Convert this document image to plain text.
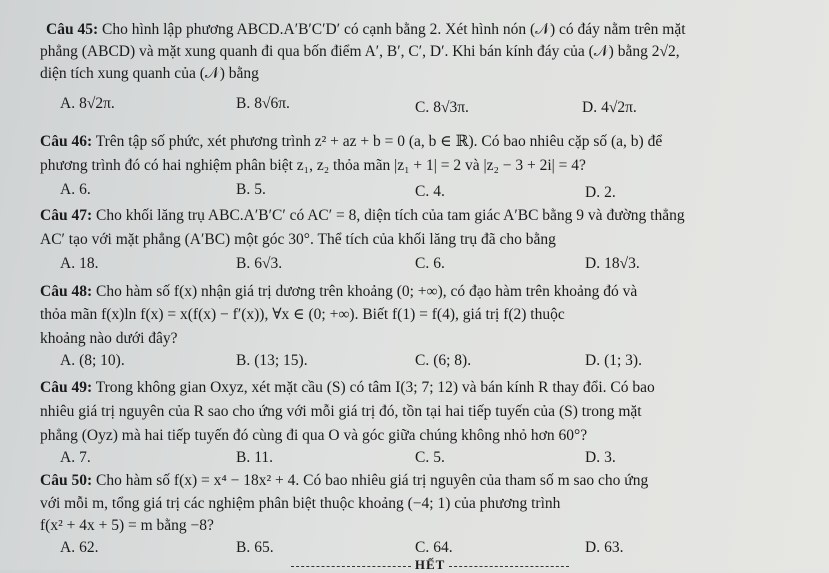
Câu 45: Cho hình lập phương ABCD.A′B′C′D′ có cạnh bằng 2. Xét hình nón (𝒩) có đáy nằm trên mặt
phẳng (ABCD) và mặt xung quanh đi qua bốn điểm A′, B′, C′, D′. Khi bán kính đáy của (𝒩) bằng 2√2,
diện tích xung quanh của (𝒩) bằng
A. 8√2π.	B. 8√6π.	C. 8√3π.	D. 4√2π.
Câu 46: Trên tập số phức, xét phương trình z² + az + b = 0 (a, b ∈ ℝ). Có bao nhiêu cặp số (a, b) để
phương trình đó có hai nghiệm phân biệt z₁, z₂ thỏa mãn |z₁ + 1| = 2 và |z₂ − 3 + 2i| = 4?
A. 6.	B. 5.	C. 4.	D. 2.
Câu 47: Cho khối lăng trụ ABC.A′B′C′ có AC′ = 8, diện tích của tam giác A′BC bằng 9 và đường thẳng
AC′ tạo với mặt phẳng (A′BC) một góc 30°. Thể tích của khối lăng trụ đã cho bằng
A. 18.	B. 6√3.	C. 6.	D. 18√3.
Câu 48: Cho hàm số f(x) nhận giá trị dương trên khoảng (0; +∞), có đạo hàm trên khoảng đó và
thỏa mãn f(x)ln f(x) = x(f(x) − f′(x)), ∀x ∈ (0; +∞). Biết f(1) = f(4), giá trị f(2) thuộc
khoảng nào dưới đây?
A. (8; 10).	B. (13; 15).	C. (6; 8).	D. (1; 3).
Câu 49: Trong không gian Oxyz, xét mặt cầu (S) có tâm I(3; 7; 12) và bán kính R thay đổi. Có bao
nhiêu giá trị nguyên của R sao cho ứng với mỗi giá trị đó, tồn tại hai tiếp tuyến của (S) trong mặt
phẳng (Oyz) mà hai tiếp tuyến đó cùng đi qua O và góc giữa chúng không nhỏ hơn 60°?
A. 7.	B. 11.	C. 5.	D. 3.
Câu 50: Cho hàm số f(x) = x⁴ − 18x² + 4. Có bao nhiêu giá trị nguyên của tham số m sao cho ứng
với mỗi m, tổng giá trị các nghiệm phân biệt thuộc khoảng (−4; 1) của phương trình
f(x² + 4x + 5) = m bằng −8?
A. 62.	B. 65.	C. 64.	D. 63.
HẾT
